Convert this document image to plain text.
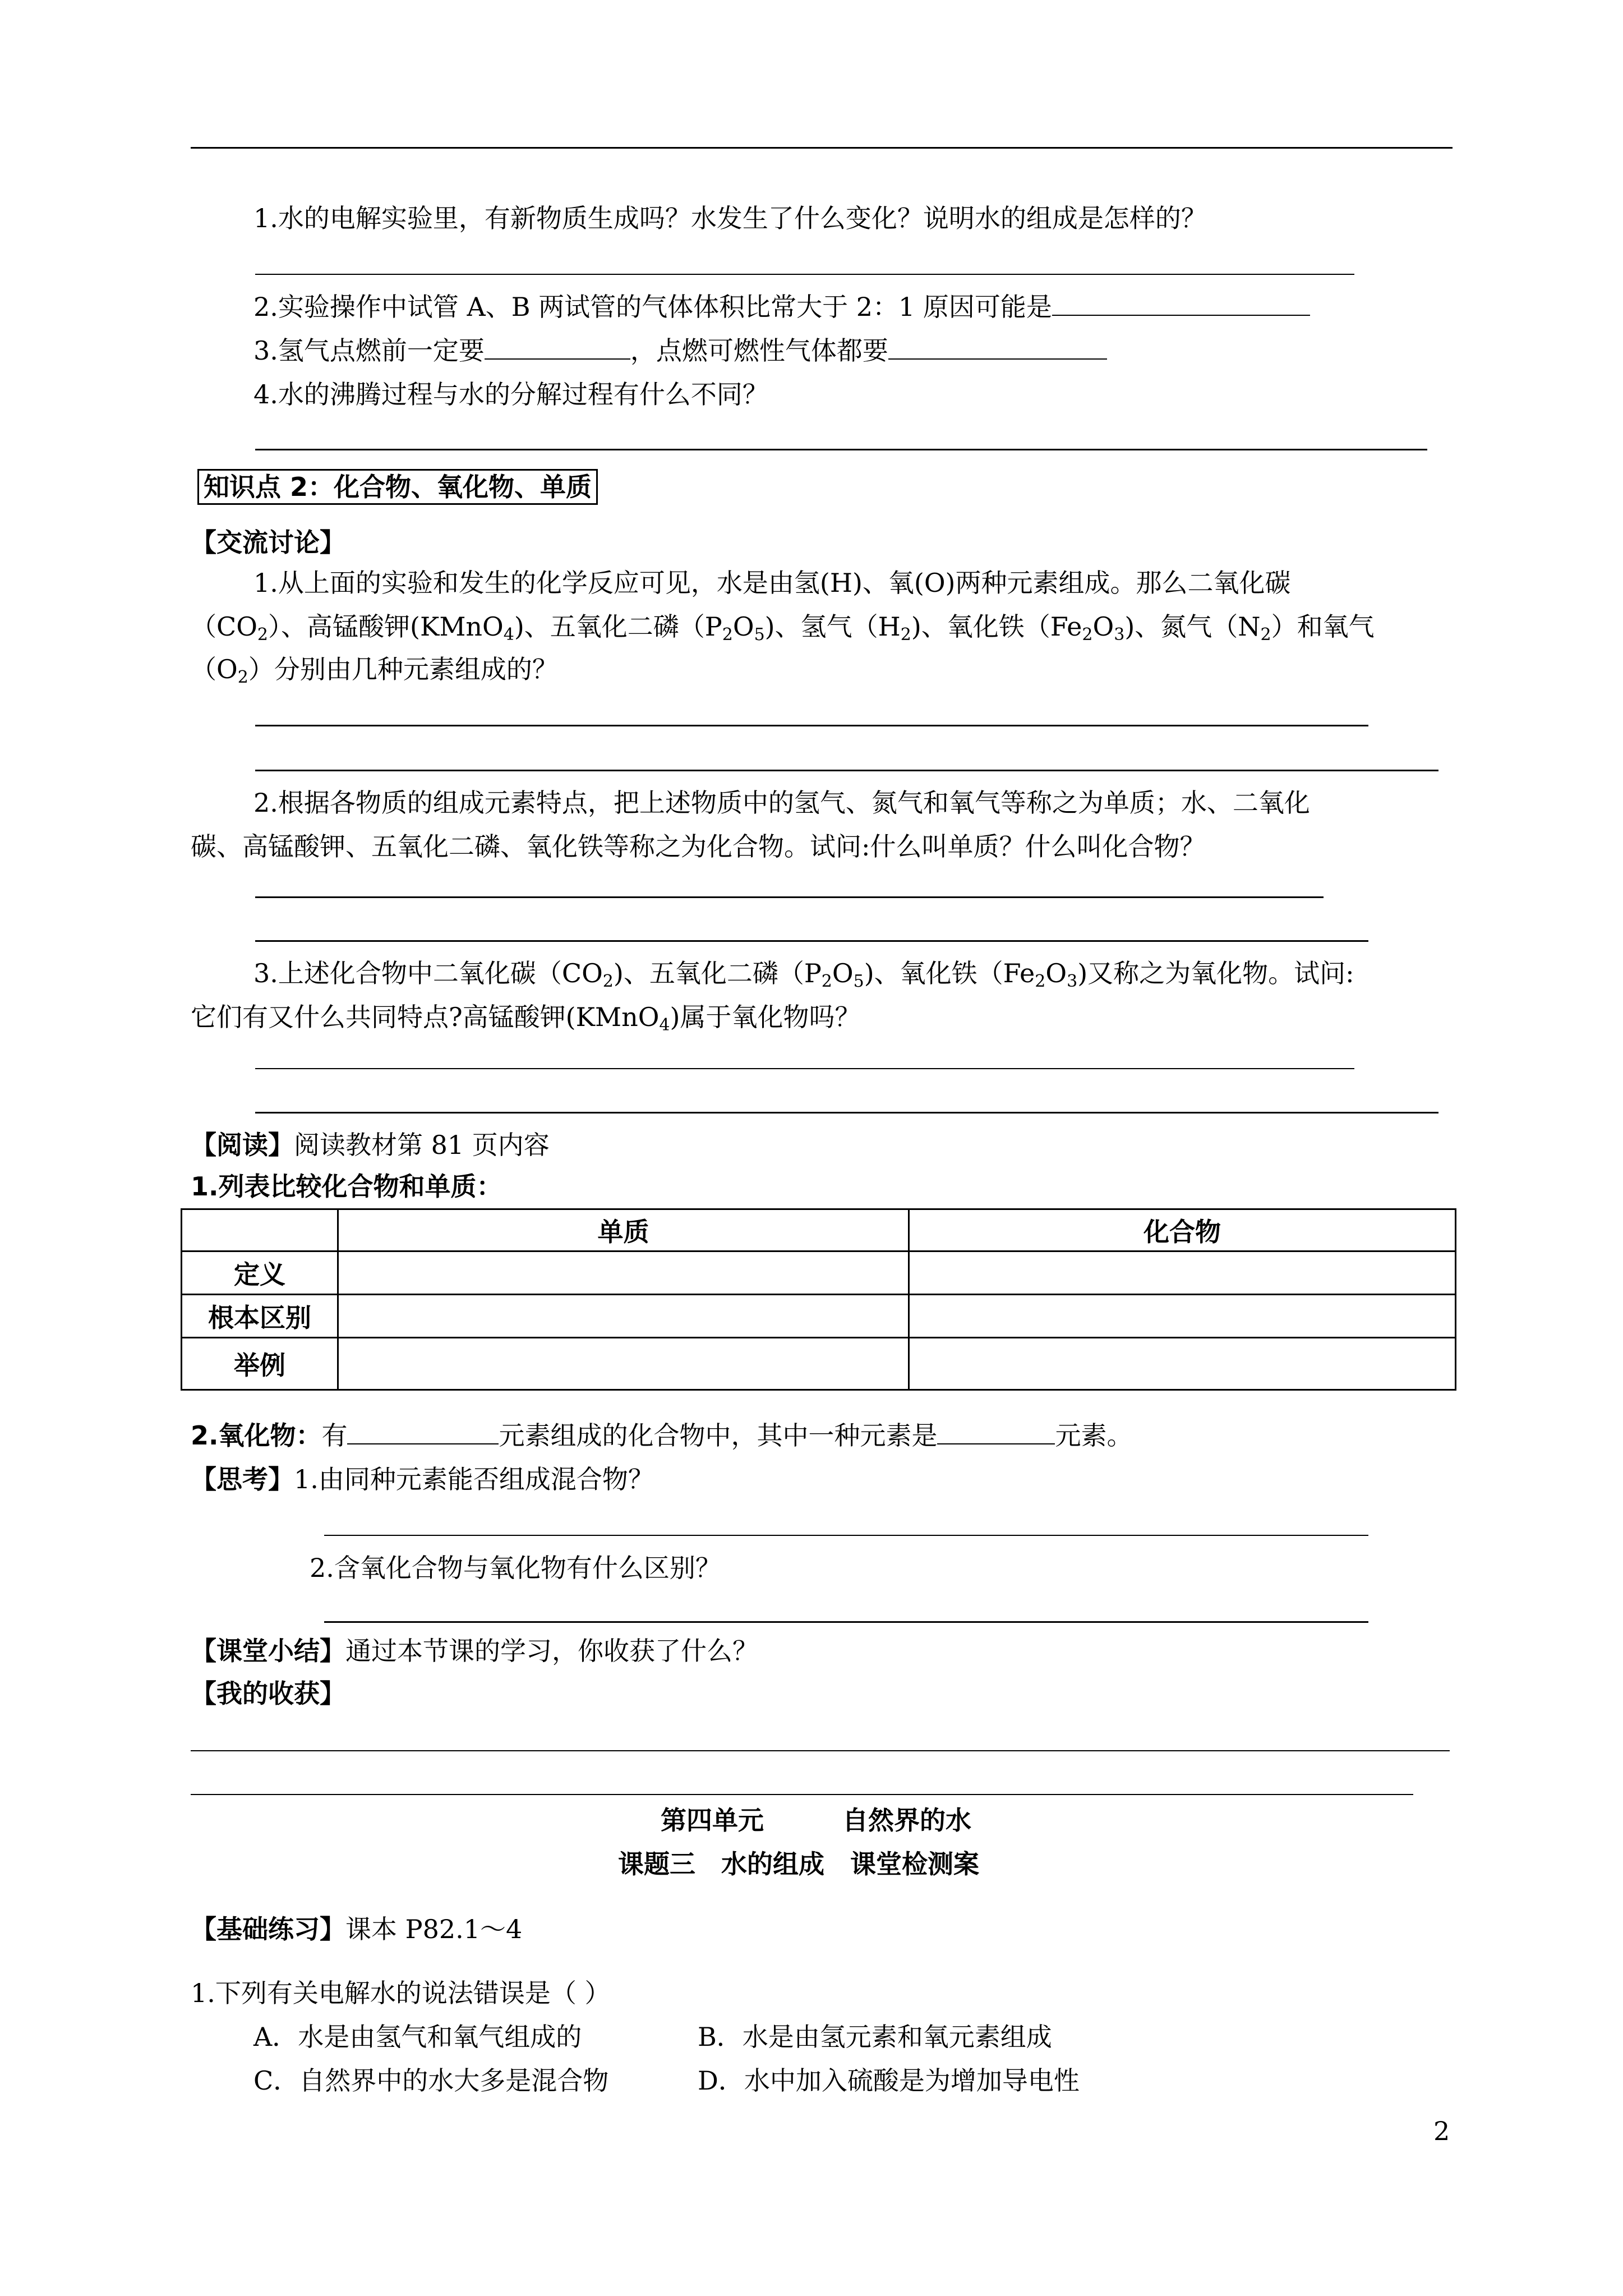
1.水的电解实验里，有新物质生成吗？水发生了什么变化？说明水的组成是怎样的？
2.实验操作中试管 A、B 两试管的气体体积比常大于 2：1 原因可能是
3.氢气点燃前一定要	，点燃可燃性气体都要
4.水的沸腾过程与水的分解过程有什么不同？
知识点 2：化合物、氧化物、单质
【交流讨论】
1.从上面的实验和发生的化学反应可见，水是由氢(H)、氧(O)两种元素组成。那么二氧化碳
$(CO_2)$、高锰酸钾(KMnO$_4$)、五氧化二磷$(P_2O_5)$、氢气$(H_2)$、氧化铁$(Fe_2O_3)$、氮气$(N_2)$和氧气
$(O_2)$分别由几种元素组成的？
2.根据各物质的组成元素特点，把上述物质中的氢气、氮气和氧气等称之为单质；水、二氧化
碳、高锰酸钾、五氧化二磷、氧化铁等称之为化合物。试问:什么叫单质？什么叫化合物？
3.上述化合物中二氧化碳$(CO_2)$、五氧化二磷$(P_2O_5)$、氧化铁$(Fe_2O_3)$又称之为氧化物。试问:
它们有又什么共同特点?高锰酸钾(KMnO$_4$)属于氧化物吗？
【阅读】阅读教材第 81 页内容
1.列表比较化合物和单质：
	单质	化合物
定义		
根本区别		
举例		
2.氧化物：有	元素组成的化合物中，其中一种元素是	元素。
【思考】1.由同种元素能否组成混合物？
2.含氧化合物与氧化物有什么区别？
【课堂小结】通过本节课的学习，你收获了什么？
【我的收获】
第四单元	自然界的水
课题三 水的组成 课堂检测案
【基础练习】课本 P82.1～4
1.下列有关电解水的说法错误是（ ）
A．水是由氢气和氧气组成的	B．水是由氢元素和氧元素组成
C．自然界中的水大多是混合物	D．水中加入硫酸是为增加导电性
2
